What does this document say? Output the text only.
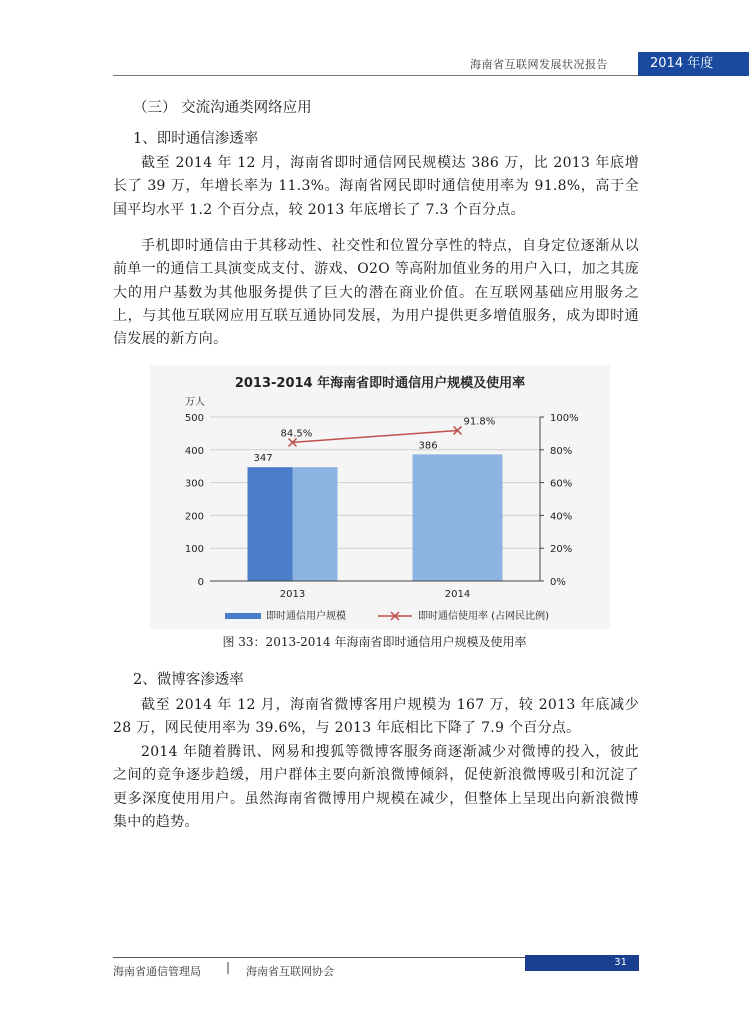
海南省互联网发展状况报告	2014 年度
（三） 交流沟通类网络应用
1、即时通信渗透率
截至 2014 年 12 月，海南省即时通信网民规模达 386 万，比 2013 年底增长了 39 万，年增长率为 11.3%。海南省网民即时通信使用率为 91.8%，高于全国平均水平 1.2 个百分点，较 2013 年底增长了 7.3 个百分点。
手机即时通信由于其移动性、社交性和位置分享性的特点，自身定位逐渐从以前单一的通信工具演变成支付、游戏、O2O 等高附加值业务的用户入口，加之其庞大的用户基数为其他服务提供了巨大的潜在商业价值。在互联网基础应用服务之上，与其他互联网应用互联互通协同发展，为用户提供更多增值服务，成为即时通信发展的新方向。
2013-2014 年海南省即时通信用户规模及使用率
万人
347
386
84.5%
91.8%
0
100
200
300
400
500
0%
20%
40%
60%
80%
100%
2013	2014
即时通信用户规模	即时通信使用率 (占网民比例)
图 33：2013-2014 年海南省即时通信用户规模及使用率
2、微博客渗透率
截至 2014 年 12 月，海南省微博客用户规模为 167 万，较 2013 年底减少 28 万，网民使用率为 39.6%，与 2013 年底相比下降了 7.9 个百分点。
2014 年随着腾讯、网易和搜狐等微博客服务商逐渐减少对微博的投入，彼此之间的竞争逐步趋缓，用户群体主要向新浪微博倾斜，促使新浪微博吸引和沉淀了更多深度使用用户。虽然海南省微博用户规模在减少，但整体上呈现出向新浪微博集中的趋势。
海南省通信管理局 | 海南省互联网协会
31
